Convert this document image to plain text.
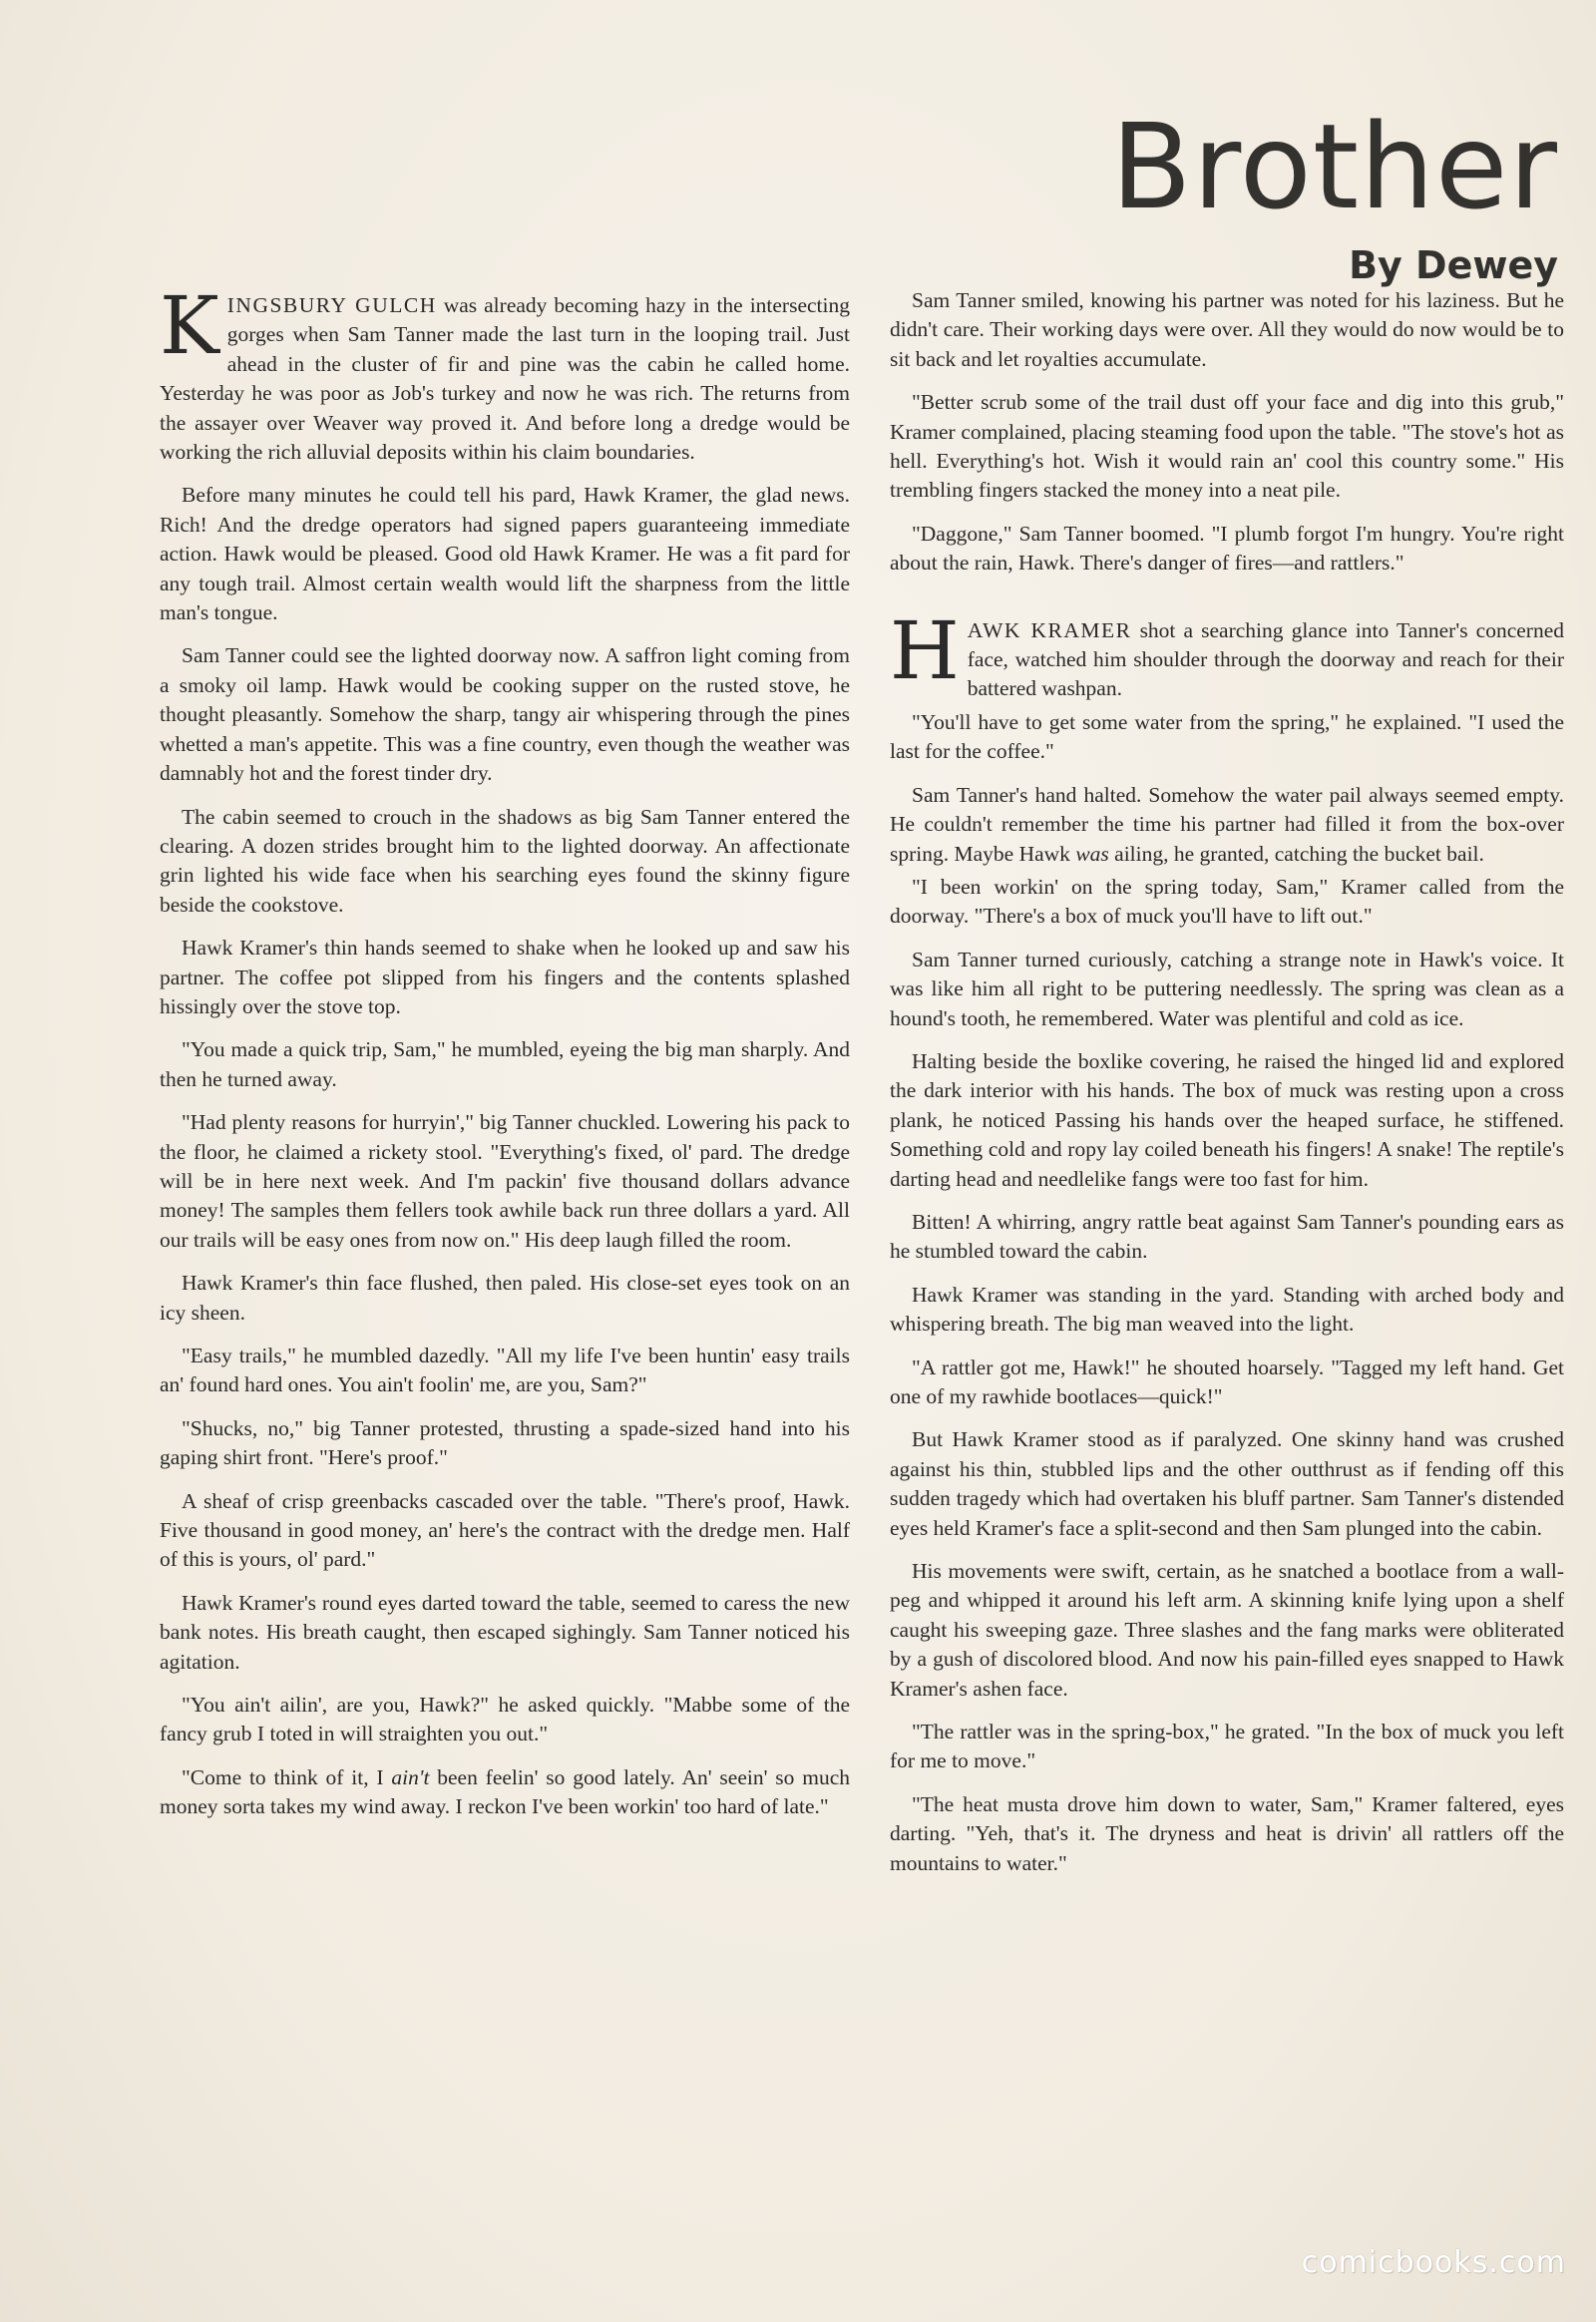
Brother
By Dewey

KINGSBURY GULCH was already becoming hazy in the intersecting gorges when Sam Tanner made the last turn in the looping trail. Just ahead in the cluster of fir and pine was the cabin he called home. Yesterday he was poor as Job's turkey and now he was rich. The returns from the assayer over Weaver way proved it. And before long a dredge would be working the rich alluvial deposits within his claim boundaries.

Before many minutes he could tell his pard, Hawk Kramer, the glad news. Rich! And the dredge operators had signed papers guaranteeing immediate action. Hawk would be pleased. Good old Hawk Kramer. He was a fit pard for any tough trail. Almost certain wealth would lift the sharpness from the little man's tongue.

Sam Tanner could see the lighted doorway now. A saffron light coming from a smoky oil lamp. Hawk would be cooking supper on the rusted stove, he thought pleasantly. Somehow the sharp, tangy air whispering through the pines whetted a man's appetite. This was a fine country, even though the weather was damnably hot and the forest tinder dry.

The cabin seemed to crouch in the shadows as big Sam Tanner entered the clearing. A dozen strides brought him to the lighted doorway. An affectionate grin lighted his wide face when his searching eyes found the skinny figure beside the cookstove.

Hawk Kramer's thin hands seemed to shake when he looked up and saw his partner. The coffee pot slipped from his fingers and the contents splashed hissingly over the stove top.

"You made a quick trip, Sam," he mumbled, eyeing the big man sharply. And then he turned away.

"Had plenty reasons for hurryin'," big Tanner chuckled. Lowering his pack to the floor, he claimed a rickety stool. "Everything's fixed, ol' pard. The dredge will be in here next week. And I'm packin' five thousand dollars advance money! The samples them fellers took awhile back run three dollars a yard. All our trails will be easy ones from now on." His deep laugh filled the room.

Hawk Kramer's thin face flushed, then paled. His close-set eyes took on an icy sheen.

"Easy trails," he mumbled dazedly. "All my life I've been huntin' easy trails an' found hard ones. You ain't foolin' me, are you, Sam?"

"Shucks, no," big Tanner protested, thrusting a spade-sized hand into his gaping shirt front. "Here's proof."

A sheaf of crisp greenbacks cascaded over the table. "There's proof, Hawk. Five thousand in good money, an' here's the contract with the dredge men. Half of this is yours, ol' pard."

Hawk Kramer's round eyes darted toward the table, seemed to caress the new bank notes. His breath caught, then escaped sighingly. Sam Tanner noticed his agitation.

"You ain't ailin', are you, Hawk?" he asked quickly. "Mabbe some of the fancy grub I toted in will straighten you out."

"Come to think of it, I ain't been feelin' so good lately. An' seein' so much money sorta takes my wind away. I reckon I've been workin' too hard of late."

Sam Tanner smiled, knowing his partner was noted for his laziness. But he didn't care. Their working days were over. All they would do now would be to sit back and let royalties accumulate.

"Better scrub some of the trail dust off your face and dig into this grub," Kramer complained, placing steaming food upon the table. "The stove's hot as hell. Everything's hot. Wish it would rain an' cool this country some." His trembling fingers stacked the money into a neat pile.

"Daggone," Sam Tanner boomed. "I plumb forgot I'm hungry. You're right about the rain, Hawk. There's danger of fires—and rattlers."

HAWK KRAMER shot a searching glance into Tanner's concerned face, watched him shoulder through the doorway and reach for their battered washpan.

"You'll have to get some water from the spring," he explained. "I used the last for the coffee."

Sam Tanner's hand halted. Somehow the water pail always seemed empty. He couldn't remember the time his partner had filled it from the box-over spring. Maybe Hawk was ailing, he granted, catching the bucket bail.

"I been workin' on the spring today, Sam," Kramer called from the doorway. "There's a box of muck you'll have to lift out."

Sam Tanner turned curiously, catching a strange note in Hawk's voice. It was like him all right to be puttering needlessly. The spring was clean as a hound's tooth, he remembered. Water was plentiful and cold as ice.

Halting beside the boxlike covering, he raised the hinged lid and explored the dark interior with his hands. The box of muck was resting upon a cross plank, he noticed Passing his hands over the heaped surface, he stiffened. Something cold and ropy lay coiled beneath his fingers! A snake! The reptile's darting head and needlelike fangs were too fast for him.

Bitten! A whirring, angry rattle beat against Sam Tanner's pounding ears as he stumbled toward the cabin.

Hawk Kramer was standing in the yard. Standing with arched body and whispering breath. The big man weaved into the light.

"A rattler got me, Hawk!" he shouted hoarsely. "Tagged my left hand. Get one of my rawhide bootlaces—quick!"

But Hawk Kramer stood as if paralyzed. One skinny hand was crushed against his thin, stubbled lips and the other outthrust as if fending off this sudden tragedy which had overtaken his bluff partner. Sam Tanner's distended eyes held Kramer's face a split-second and then Sam plunged into the cabin.

His movements were swift, certain, as he snatched a bootlace from a wall-peg and whipped it around his left arm. A skinning knife lying upon a shelf caught his sweeping gaze. Three slashes and the fang marks were obliterated by a gush of discolored blood. And now his pain-filled eyes snapped to Hawk Kramer's ashen face.

"The rattler was in the spring-box," he grated. "In the box of muck you left for me to move."

"The heat musta drove him down to water, Sam," Kramer faltered, eyes darting. "Yeh, that's it. The dryness and heat is drivin' all rattlers off the mountains to water."

comicbooks.com
